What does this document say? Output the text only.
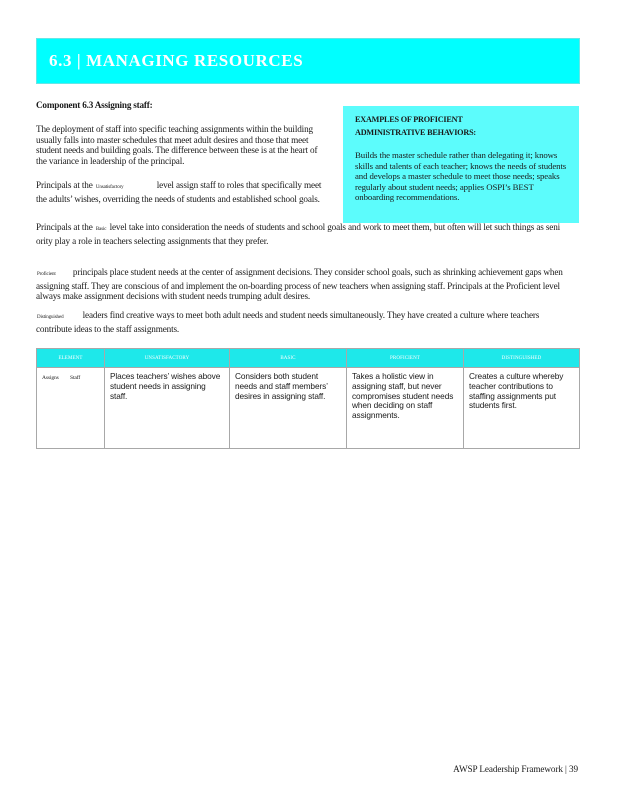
6.3 | MANAGING RESOURCES
Component 6.3 Assigning staff:
The deployment of staff into specific teaching assignments within the building usually falls into master schedules that meet adult desires and those that meet student needs and building goals. The difference between these is at the heart of the variance in leadership of the principal.
Principals at the Unsatisfactory	level assign staff to roles that specifically meet the adults’ wishes, overriding the needs of students and established school goals.
EXAMPLES OF PROFICIENT ADMINISTRATIVE BEHAVIORS:
Builds the master schedule rather than delegating it; knows skills and talents of each teacher; knows the needs of students and develops a master schedule to meet those needs; speaks regularly about student needs; applies OSPI’s BEST onboarding recommendations.
Principals at the Basic level take into consideration the needs of students and school goals and work to meet them, but often will let such things as seni ority play a role in teachers selecting assignments that they prefer.
Proficient principals place student needs at the center of assignment decisions. They consider school goals, such as shrinking achievement gaps when assigning staff. They are conscious of and implement the on-boarding process of new teachers when assigning staff. Principals at the Proficient level always make assignment decisions with student needs trumping adult desires.
Distinguished leaders find creative ways to meet both adult needs and student needs simultaneously. They have created a culture where teachers contribute ideas to the staff assignments.
ELEMENT	UNSATISFACTORY	BASIC	PROFICIENT	DISTINGUISHED
Assigns Staff	Places teachers’ wishes above student needs in assigning staff.	Considers both student needs and staff members’ desires in assigning staff.	Takes a holistic view in assigning staff, but never compromises student needs when deciding on staff assignments.	Creates a culture whereby teacher contributions to staffing assignments put students first.
AWSP Leadership Framework | 39
